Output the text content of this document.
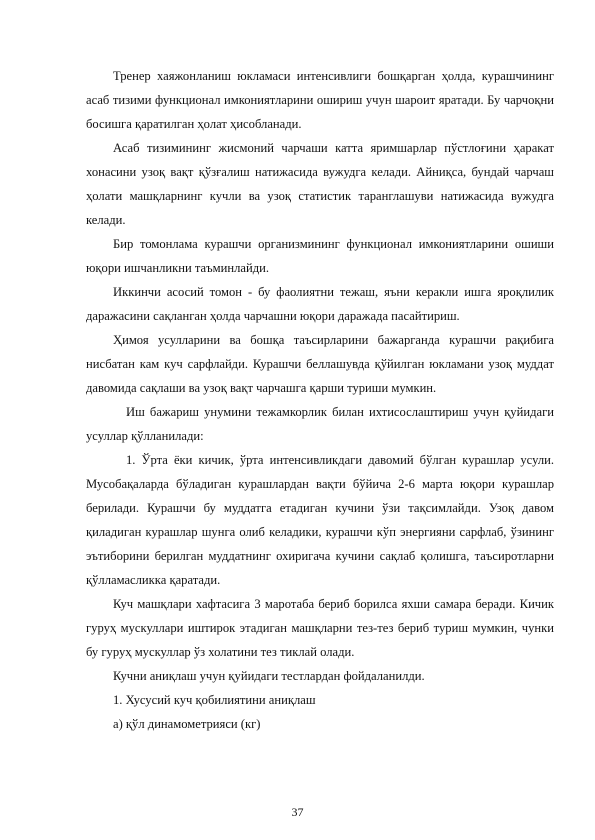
Тренер хаяжонланиш юкламаси интенсивлиги бошқарган ҳолда, курашчининг асаб тизими функционал имкониятларини ошириш учун шароит яратади. Бу чарчоқни босишга қаратилган ҳолат ҳисобланади.

Асаб тизимининг жисмоний чарчаши катта яримшарлар пўстлоғини ҳаракат хонасини узоқ вақт қўзғалиш натижасида вужудга келади. Айниқса, бундай чарчаш ҳолати машқларнинг кучли ва узоқ статистик таранглашуви натижасида вужудга келади.

Бир томонлама курашчи организмининг функционал имкониятларини ошиши юқори ишчанликни таъминлайди.

Иккинчи асосий томон - бу фаолиятни тежаш, яъни керакли ишга яроқлилик даражасини сақланган ҳолда чарчашни юқори даражада пасайтириш.

Ҳимоя усулларини ва бошқа таъсирларини бажарганда курашчи рақибига нисбатан кам куч сарфлайди. Курашчи беллашувда қўйилган юкламани узоқ муддат давомида сақлаши ва узоқ вақт чарчашга қарши туриши мумкин.

Иш бажариш унумини тежамкорлик билан ихтисослаштириш учун қуйидаги усуллар қўлланилади:

1. Ўрта ёки кичик, ўрта интенсивликдаги давомий бўлган курашлар усули. Мусобақаларда бўладиган курашлардан вақти бўйича 2-6 марта юқори курашлар берилади. Курашчи бу муддатга етадиган кучини ўзи тақсимлайди. Узоқ давом қиладиган курашлар шунга олиб келадики, курашчи кўп энергияни сарфлаб, ўзининг эътиборини берилган муддатнинг охиригача кучини сақлаб қолишга, таъсиротларни қўлламасликка қаратади.

Куч машқлари хафтасига 3 маротаба бериб борилса яхши самара беради. Кичик гуруҳ мускуллари иштирок этадиган машқларни тез-тез бериб туриш мумкин, чунки бу гуруҳ мускуллар ўз холатини тез тиклай олади.

Кучни аниқлаш учун қуйидаги тестлардан фойдаланилди.

1. Хусусий куч қобилиятини аниқлаш

а) қўл динамометрияси (кг)

37
